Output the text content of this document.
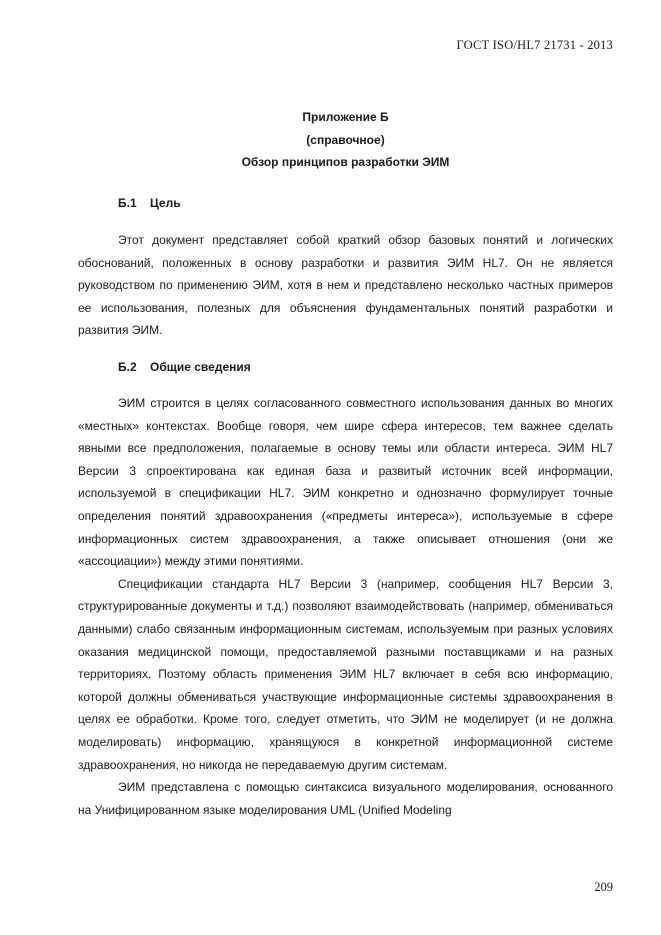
ГОСТ ISO/HL7 21731 - 2013
Приложение Б
(справочное)
Обзор принципов разработки ЭИМ
Б.1 Цель

Этот документ представляет собой краткий обзор базовых понятий и логических обоснований, положенных в основу разработки и развития ЭИМ HL7. Он не является руководством по применению ЭИМ, хотя в нем и представлено несколько частных примеров ее использования, полезных для объяснения фундаментальных понятий разработки и развития ЭИМ.

Б.2 Общие сведения

ЭИМ строится в целях согласованного совместного использования данных во многих «местных» контекстах. Вообще говоря, чем шире сфера интересов, тем важнее сделать явными все предположения, полагаемые в основу темы или области интереса. ЭИМ HL7 Версии 3 спроектирована как единая база и развитый источник всей информации, используемой в спецификации HL7. ЭИМ конкретно и однозначно формулирует точные определения понятий здравоохранения («предметы интереса»), используемые в сфере информационных систем здравоохранения, а также описывает отношения (они же «ассоциации») между этими понятиями.

Спецификации стандарта HL7 Версии 3 (например, сообщения HL7 Версии 3, структурированные документы и т.д.) позволяют взаимодействовать (например, обмениваться данными) слабо связанным информационным системам, используемым при разных условиях оказания медицинской помощи, предоставляемой разными поставщиками и на разных территориях. Поэтому область применения ЭИМ HL7 включает в себя всю информацию, которой должны обмениваться участвующие информационные системы здравоохранения в целях ее обработки. Кроме того, следует отметить, что ЭИМ не моделирует (и не должна моделировать) информацию, хранящуюся в конкретной информационной системе здравоохранения, но никогда не передаваемую другим системам.

ЭИМ представлена с помощью синтаксиса визуального моделирования, основанного на Унифицированном языке моделирования UML (Unified Modeling

209
